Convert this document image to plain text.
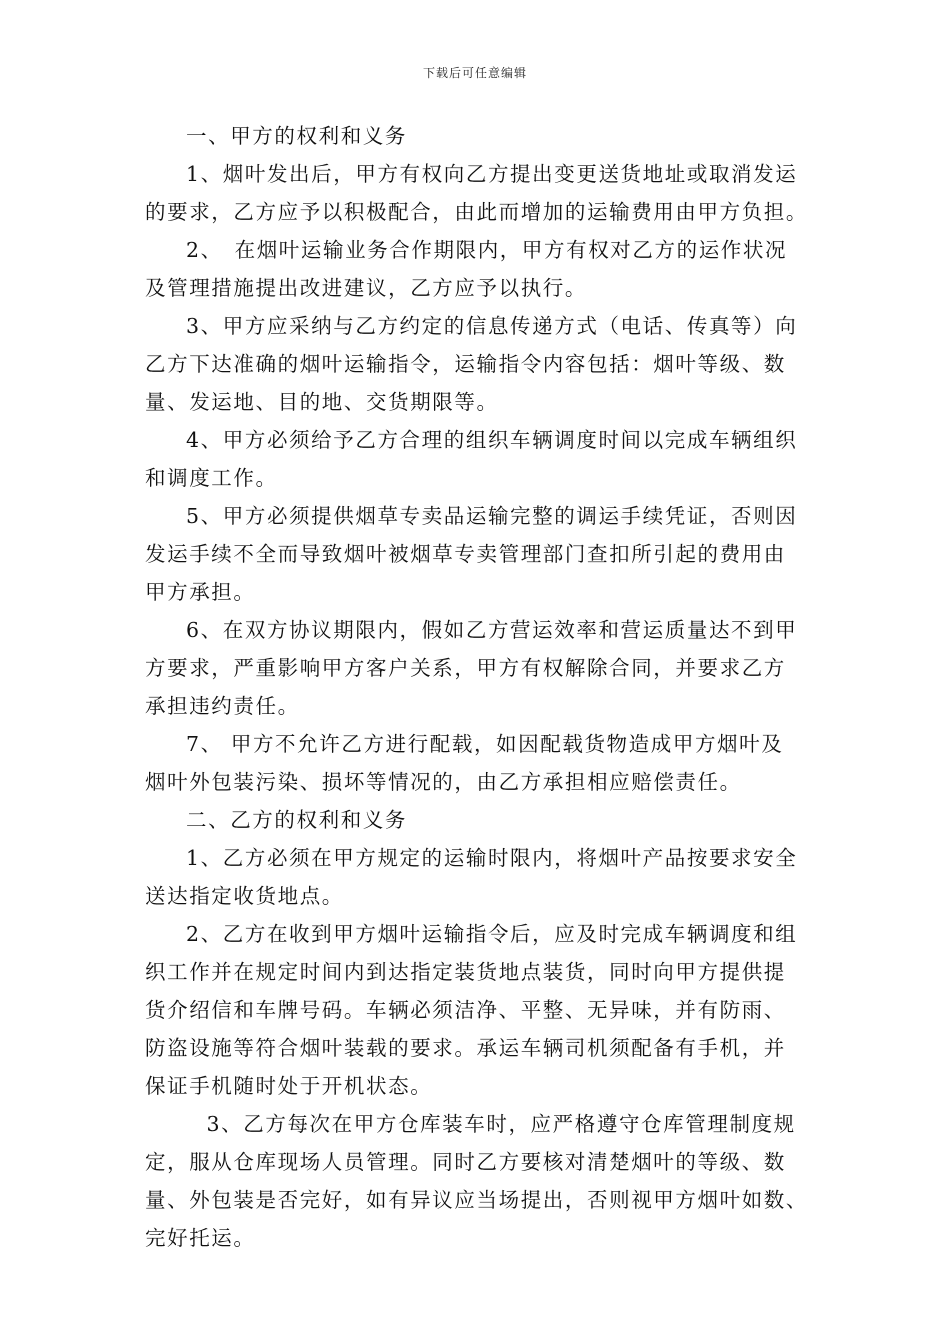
下载后可任意编辑
一、甲方的权利和义务
1、烟叶发出后，甲方有权向乙方提出变更送货地址或取消发运
的要求，乙方应予以积极配合，由此而增加的运输费用由甲方负担。
2、　在烟叶运输业务合作期限内，甲方有权对乙方的运作状况
及管理措施提出改进建议，乙方应予以执行。
3、甲方应采纳与乙方约定的信息传递方式（电话、传真等）向
乙方下达准确的烟叶运输指令，运输指令内容包括：烟叶等级、数
量、发运地、目的地、交货期限等。
4、甲方必须给予乙方合理的组织车辆调度时间以完成车辆组织
和调度工作。
5、甲方必须提供烟草专卖品运输完整的调运手续凭证，否则因
发运手续不全而导致烟叶被烟草专卖管理部门查扣所引起的费用由
甲方承担。
6、在双方协议期限内，假如乙方营运效率和营运质量达不到甲
方要求，严重影响甲方客户关系，甲方有权解除合同，并要求乙方
承担违约责任。
7、 甲方不允许乙方进行配载，如因配载货物造成甲方烟叶及
烟叶外包装污染、损坏等情况的，由乙方承担相应赔偿责任。
二、乙方的权利和义务
1、乙方必须在甲方规定的运输时限内，将烟叶产品按要求安全
送达指定收货地点。
2、乙方在收到甲方烟叶运输指令后，应及时完成车辆调度和组
织工作并在规定时间内到达指定装货地点装货，同时向甲方提供提
货介绍信和车牌号码。车辆必须洁净、平整、无异味，并有防雨、
防盗设施等符合烟叶装载的要求。承运车辆司机须配备有手机，并
保证手机随时处于开机状态。
3、乙方每次在甲方仓库装车时，应严格遵守仓库管理制度规
定，服从仓库现场人员管理。同时乙方要核对清楚烟叶的等级、数
量、外包装是否完好，如有异议应当场提出，否则视甲方烟叶如数、
完好托运。
